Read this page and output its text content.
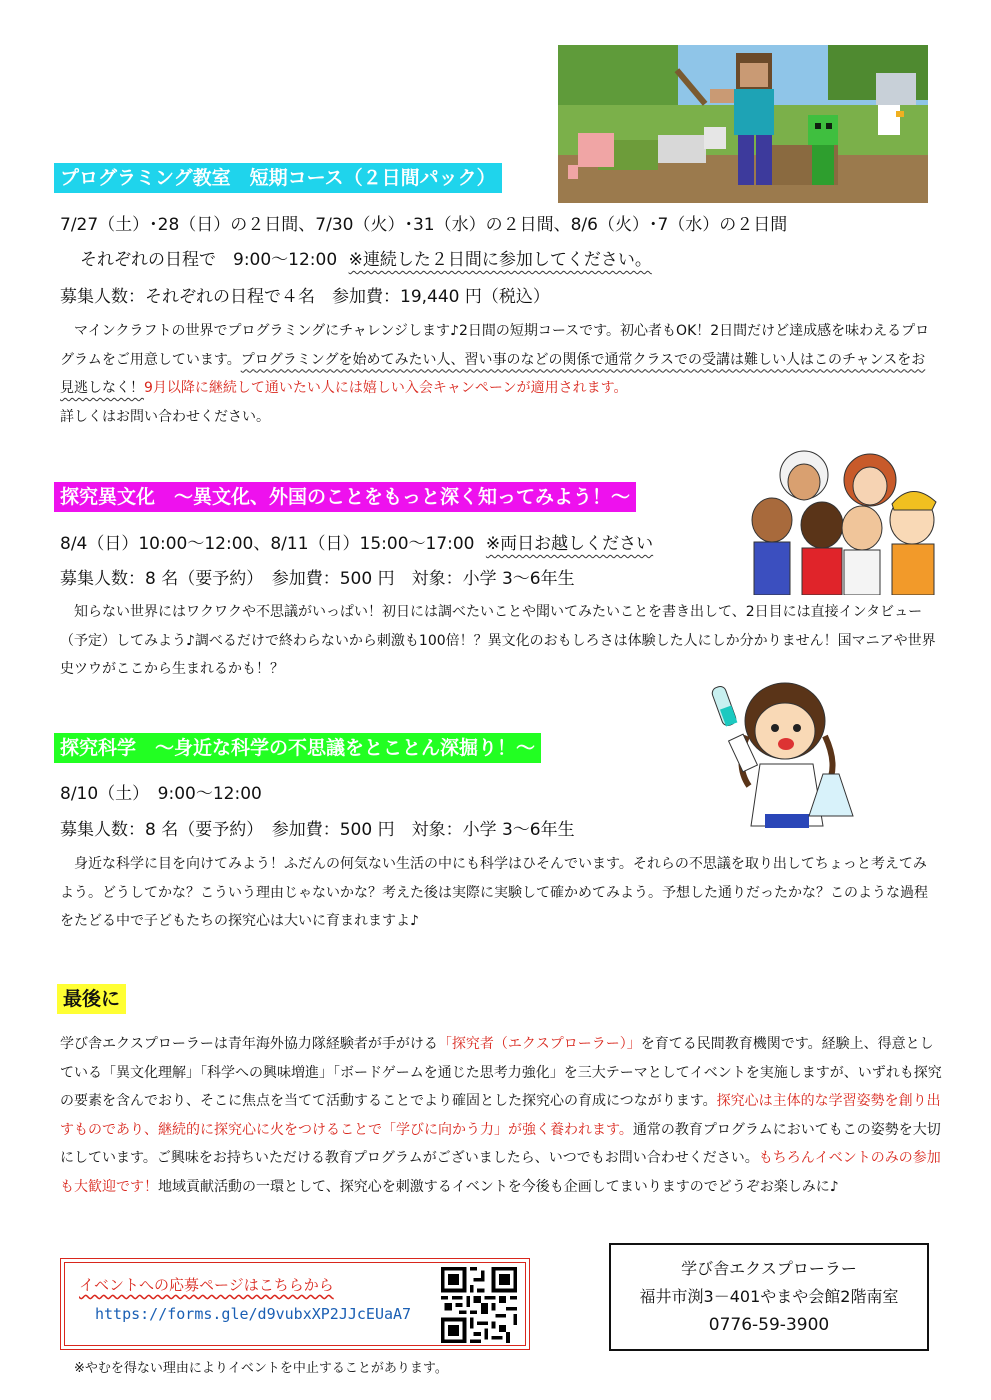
プログラミング教室　短期コース（２日間パック）
7/27（土）･28（日）の２日間、7/30（火）･31（水）の２日間、8/6（火）･7（水）の２日間
それぞれの日程で　9:00～12:00 ※連続した２日間に参加してください。
募集人数：それぞれの日程で４名　参加費：19,440 円（税込）
マインクラフトの世界でプログラミングにチャレンジします♪2日間の短期コースです。初心者もOK！2日間だけど達成感を味わえるプログラムをご用意しています。プログラミングを始めてみたい人、習い事のなどの関係で通常クラスでの受講は難しい人はこのチャンスをお見逃しなく！9月以降に継続して通いたい人には嬉しい入会キャンペーンが適用されます。
詳しくはお問い合わせください。
探究異文化　～異文化、外国のことをもっと深く知ってみよう！～
8/4（日）10:00～12:00、8/11（日）15:00～17:00 ※両日お越しください
募集人数：8 名（要予約）　参加費：500 円　対象：小学 3～6年生
知らない世界にはワクワクや不思議がいっぱい！初日には調べたいことや聞いてみたいことを書き出して、2日目には直接インタビュー（予定）してみよう♪調べるだけで終わらないから刺激も100倍！？異文化のおもしろさは体験した人にしか分かりません！国マニアや世界史ツウがここから生まれるかも！？
探究科学　～身近な科学の不思議をとことん深掘り！～
8/10（土）　9:00～12:00
募集人数：8 名（要予約）　参加費：500 円　対象：小学 3～6年生
身近な科学に目を向けてみよう！ふだんの何気ない生活の中にも科学はひそんでいます。それらの不思議を取り出してちょっと考えてみよう。どうしてかな？こういう理由じゃないかな？考えた後は実際に実験して確かめてみよう。予想した通りだったかな？このような過程をたどる中で子どもたちの探究心は大いに育まれますよ♪
最後に
学び舎エクスプローラーは青年海外協力隊経験者が手がける「探究者（エクスプローラー）」を育てる民間教育機関です。経験上、得意としている「異文化理解」「科学への興味増進」「ボードゲームを通じた思考力強化」を三大テーマとしてイベントを実施しますが、いずれも探究の要素を含んでおり、そこに焦点を当てて活動することでより確固とした探究心の育成につながります。探究心は主体的な学習姿勢を創り出すものであり、継続的に探究心に火をつけることで「学びに向かう力」が強く養われます。通常の教育プログラムにおいてもこの姿勢を大切にしています。ご興味をお持ちいただける教育プログラムがございましたら、いつでもお問い合わせください。もちろんイベントのみの参加も大歓迎です！地域貢献活動の一環として、探究心を刺激するイベントを今後も企画してまいりますのでどうぞお楽しみに♪
イベントへの応募ページはこちらから
https://forms.gle/d9vubxXP2JJcEUaA7
学び舎エクスプローラー
福井市渕3－401やまや会館2階南室
0776-59-3900
※やむを得ない理由によりイベントを中止することがあります。
